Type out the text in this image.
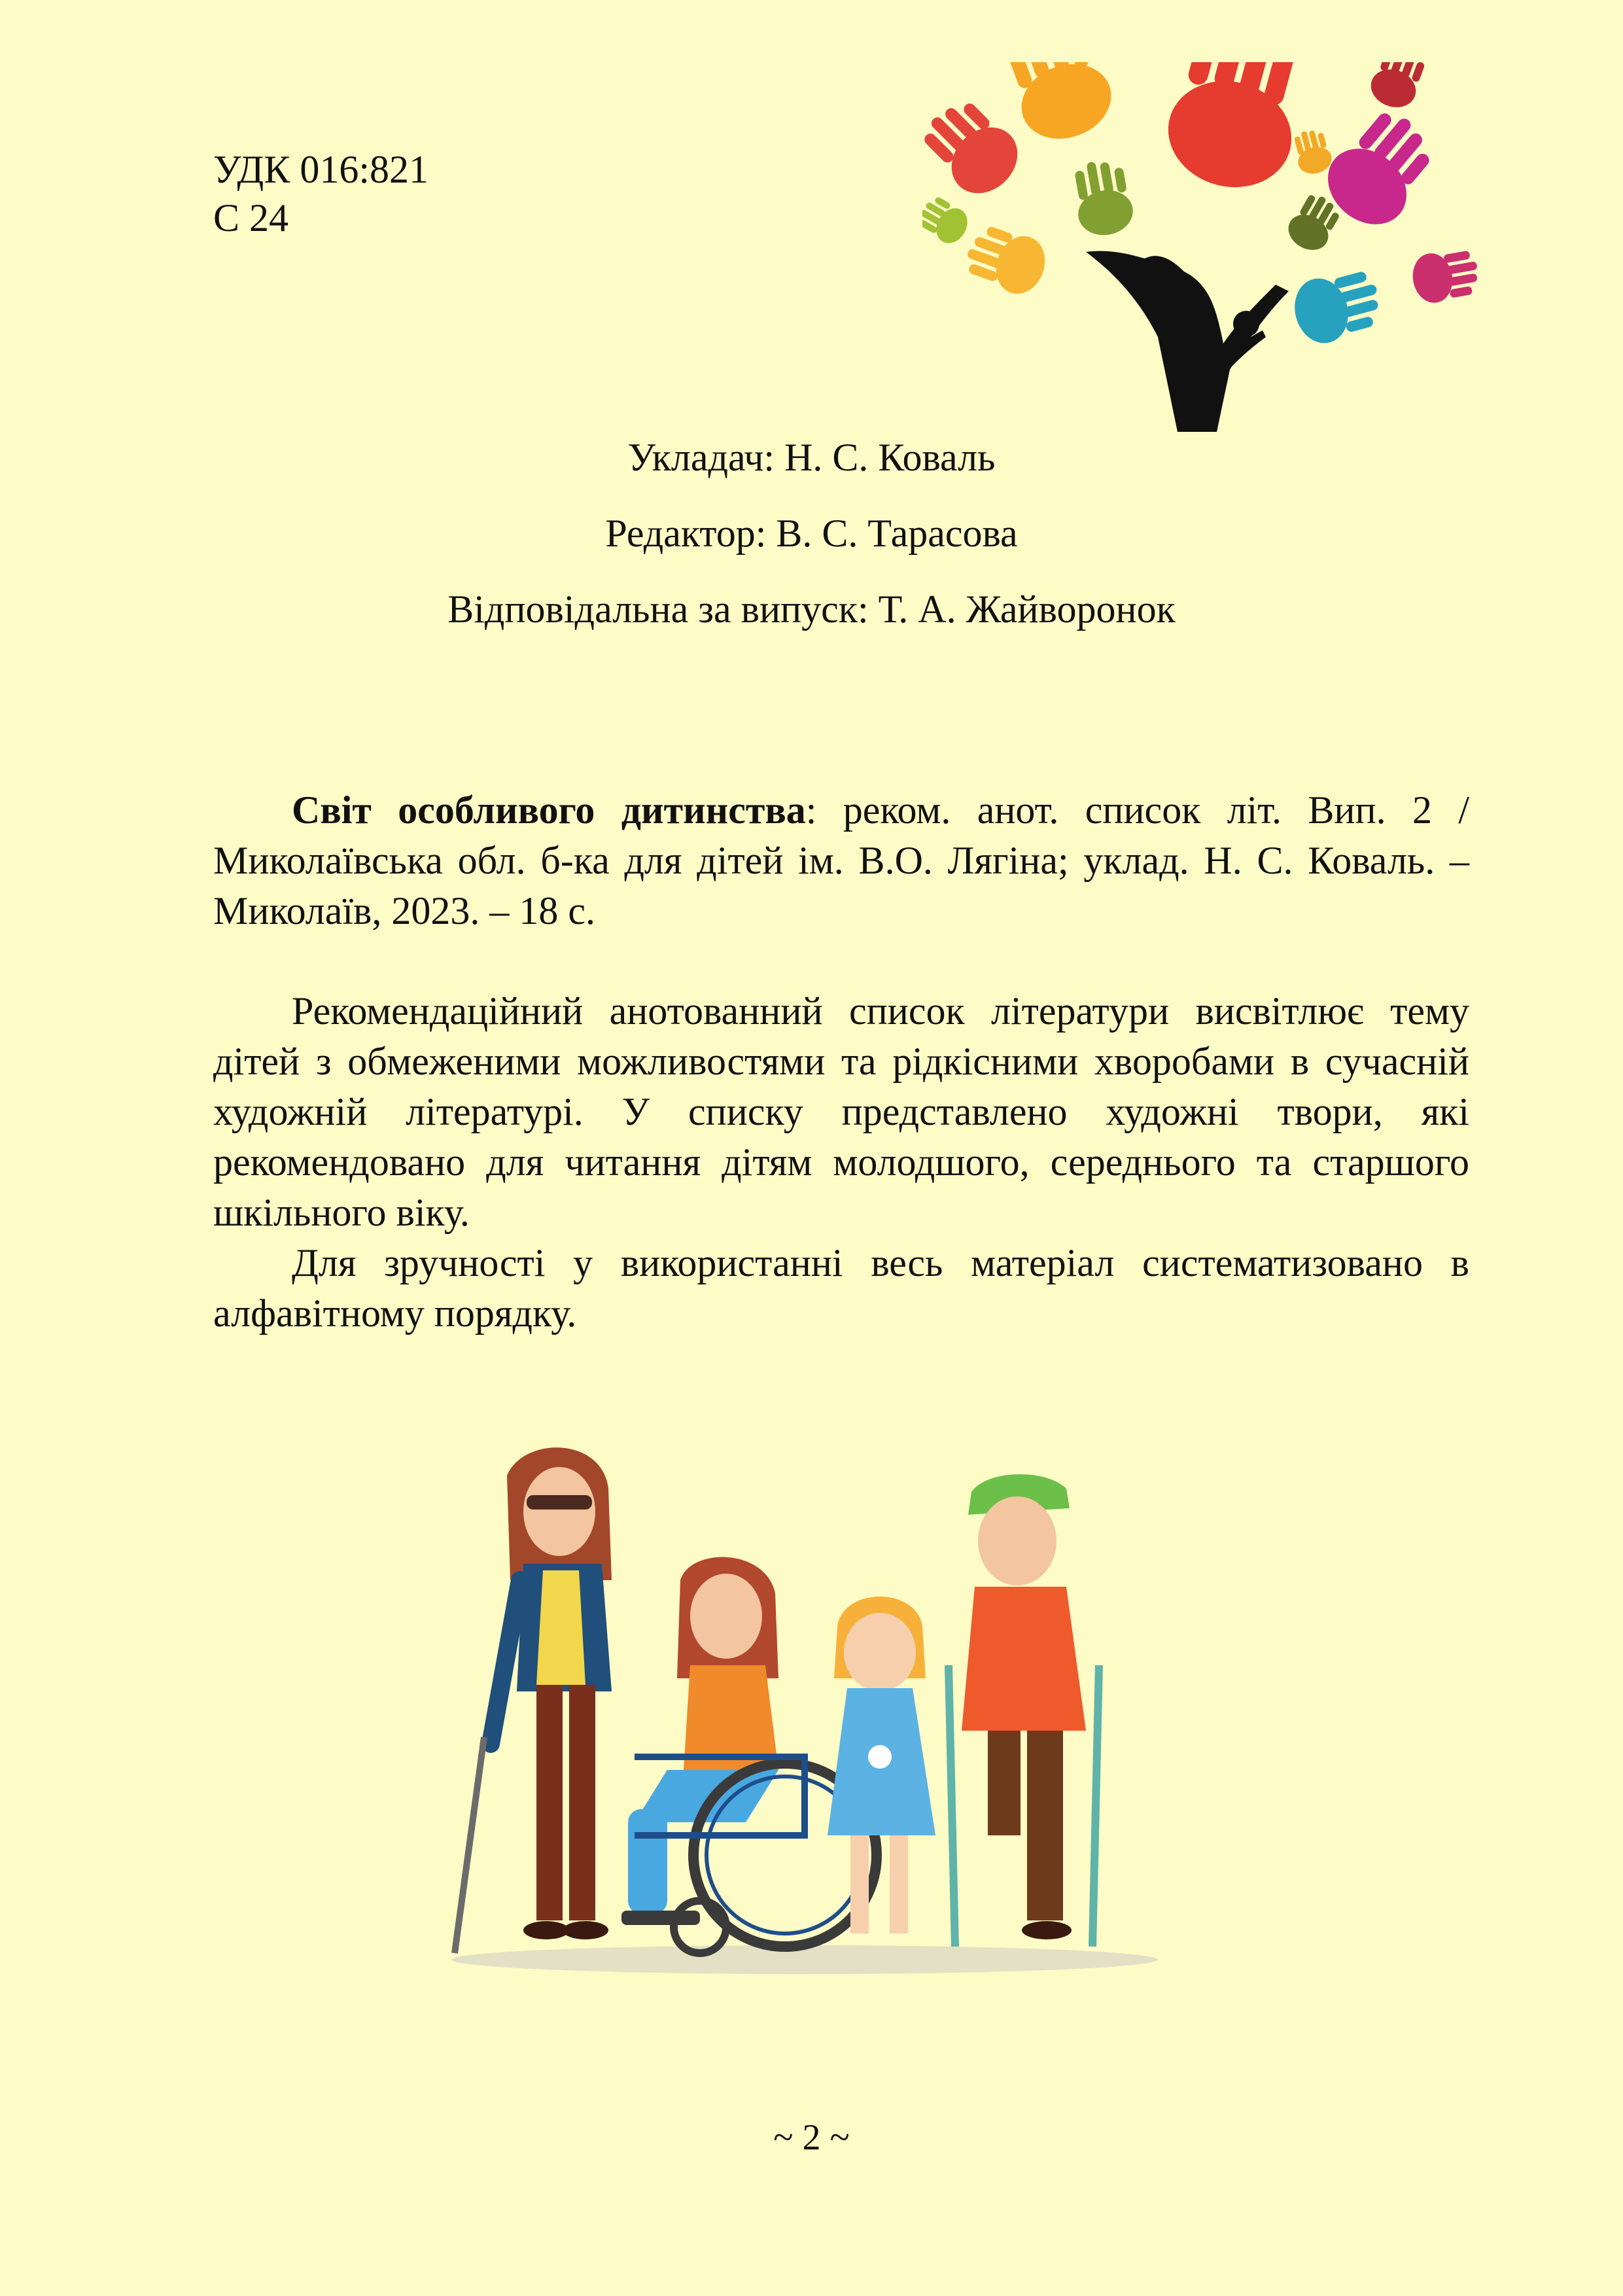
УДК 016:821
С 24
Укладач: Н. С. Коваль
Редактор: В. С. Тарасова
Відповідальна за випуск: Т. А. Жайворонок

Світ особливого дитинства: реком. анот. список літ. Вип. 2 / Миколаївська обл. б-ка для дітей ім. В.О. Лягіна; уклад. Н. С. Коваль. – Миколаїв, 2023. – 18 с.

Рекомендаційний анотованний список літератури висвітлює тему дітей з обмеженими можливостями та рідкісними хворобами в сучасній художній літературі. У списку представлено художні твори, які рекомендовано для читання дітям молодшого, середнього та старшого шкільного віку.

Для зручності у використанні весь матеріал систематизовано в алфавітному порядку.

~ 2 ~
